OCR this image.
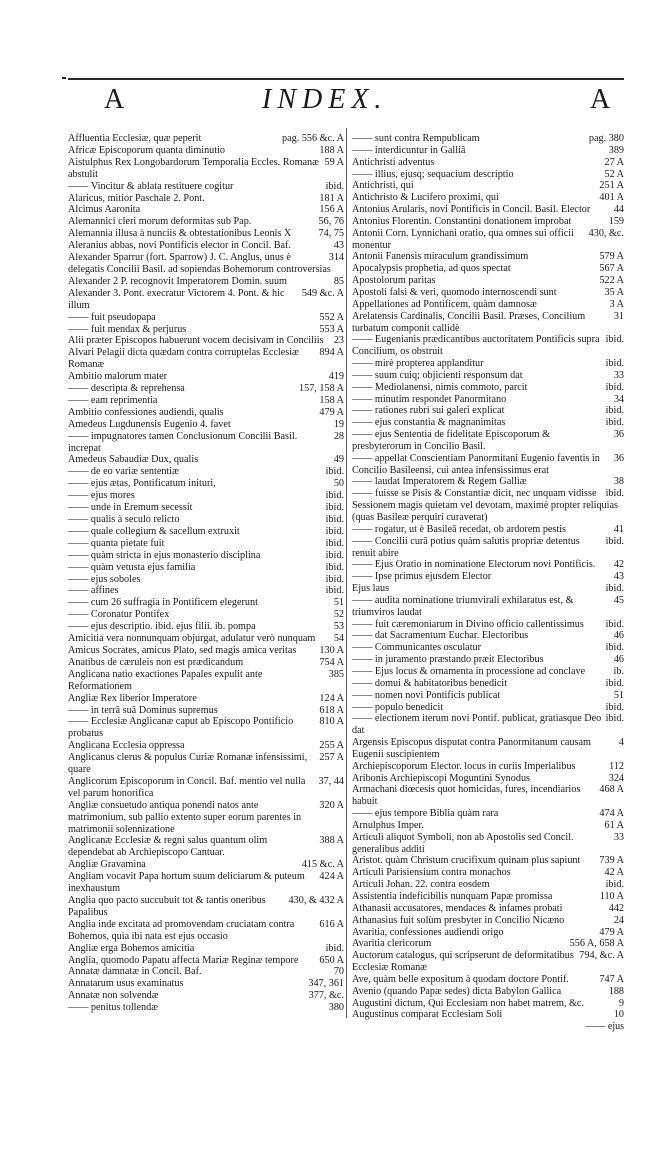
A	INDEX.	A
pag. 556 &c. A
Affluentia Ecclesiæ, quæ peperit
188 A
Africæ Episcoporum quanta diminutio
59 A
Aistulphus Rex Longobardorum Temporalia Eccles. Romanæ abstulit
ibid.
—— Vincitur & ablata restituere cogitur
181 A
Alaricus, mitior Paschale 2. Pont.
156 A
Alcimus Aaronita
56, 76
Alemannici cleri morum deformitas sub Pap.
74, 75
Alemannia illusa à nunciis & obtestationibus Leonis X
43
Aleranius abbas, novi Pontificis elector in Concil. Baf.
314
Alexander Sparrur (fort. Sparrow) J. C. Anglus, unus è delegatis Concilii Basil. ad sopiendas Bohemorum controversias
85
Alexander 2 P. recognovit Imperatorem Domin. suum
549 &c. A
Alexander 3. Pont. execratur Victorem 4. Pont. & hic illum
552 A
—— fuit pseudopapa
553 A
—— fuit mendax & perjurus
23
Alii præter Episcopos habuerunt vocem decisivam in Conciliis
894 A
Alvari Pelagii dicta quædam contra corruptelas Ecclesiæ Romanæ
419
Ambitio malorum mater
157, 158 A
—— descripta & reprehensa
158 A
—— eam reprimentia
479 A
Ambitio confessiones audiendi, qualis
19
Amedeus Lugdunensis Eugenio 4. favet
28
—— impugnatores tamen Conclusionum Concilii Basil. increpat
49
Amedeus Sabaudiæ Dux, qualis
ibid.
—— de eo variæ sententiæ
50
—— ejus ætas, Pontificatum inituri,
ibid.
—— ejus mores
ibid.
—— unde in Eremum secessit
ibid.
—— qualis à seculo relicto
ibid.
—— quale collegium & sacellum extruxit
ibid.
—— quanta pietate fuit
ibid.
—— quàm stricta in ejus monasterio disciplina
ibid.
—— quàm vetusta ejus familia
ibid.
—— ejus soboles
ibid.
—— affines
51
—— cum 26 suffragia in Pontificem elegerunt
52
—— Coronatur Pontifex
53
—— ejus descriptio. ibid. ejus filii. ib. pompa
54
Amicitia vera nonnunquam objurgat, adulatur verò nunquam
130 A
Amicus Socrates, amicus Plato, sed magis amica veritas
754 A
Anatibus de cæruleis non est prædicandum
385
Anglicana natio exactiones Papales expulit ante Reformationem
124 A
Angliæ Rex liberior Imperatore
618 A
—— in terrâ suâ Dominus supremus
810 A
—— Ecclesiæ Anglicanæ caput ab Episcopo Pontificio probatus
255 A
Anglicana Ecclesia oppressa
257 A
Anglicanus clerus & populus Curiæ Romanæ infensissimi, quare
37, 44
Anglicorum Episcoporum in Concil. Baf. mentio vel nulla vel parum honorifica
320 A
Angliæ consuetudo antiqua ponendi natos ante matrimonium, sub pallio extento super eorum parentes in matrimonii solennizatione
388 A
Anglicanæ Ecclesiæ & regni salus quantum olim dependebat ab Archiepiscopo Cantuar.
415 &c. A
Angliæ Gravamina
424 A
Angliam vocavit Papa hortum suum deliciarum & puteum inexhaustum
430, & 432 A
Anglia quo pacto succubuit tot & tantis oneribus Papalibus
616 A
Anglia inde excitata ad promovendam cruciatam contra Bohemos, quia ibi nata est ejus occasio
ibid.
Angliæ erga Bohemos amicitia
650 A
Anglia, quomodo Papatu affecta Mariæ Reginæ tempore
70
Annatæ damnatæ in Concil. Baf.
347, 361
Annatarum usus examinatus
377, &c.
Annatæ non solvendæ
380
—— penitus tollendæ
pag. 380
—— sunt contra Rempublicam
389
—— interdicuntur in Galliâ
27 A
Antichristi adventus
52 A
—— illius, ejusq; sequacium descriptio
251 A
Antichristi, qui
401 A
Antichristo & Lucifero proximi, qui
44
Antonius Arularis, novi Pontificis in Concil. Basil. Elector
159
Antonius Florentin. Constantini donationem improbat
430, &c.
Antonii Corn. Lynnichani oratio, qua omnes sui officii monentur
579 A
Antonii Fanensis miraculum grandissimum
567 A
Apocalypsis prophetia, ad quos spectat
522 A
Apostolorum paritas
35 A
Apostoli falsi & veri, quomodo internoscendi sunt
3 A
Appellationes ad Pontificem, quàm damnosæ
31
Arelatensis Cardinalis, Concilii Basil. Præses, Concilium turbatum componit callidè
ibid.
—— Eugenianis prædicantibus auctoritatem Pontificis supra Concilium, os obstruit
ibid.
—— mirè propterea applanditur
33
—— suum cuiq; objicienti responsum dat
ibid.
—— Mediolanensi, nimis commoto, parcit
34
—— minutim respondet Panormitano
ibid.
—— rationes rubri sui galeri explicat
ibid.
—— ejus constantia & magnanimitas
36
—— ejus Sententia de fidelitate Episcoporum & presbyterorum in Concilio Basil.
36
—— appellat Conscientiam Panormitani Eugenio faventis in Concilio Basileensi, cui antea infensissimus erat
38
—— laudat Imperatorem & Regem Galliæ
ibid.
—— fuisse se Pisis & Constantiæ dicit, nec unquam vidisse Sessionem magis quietam vel devotam, maximè propter reliquias (quas Basileæ perquiri curaverat)
41
—— rogatur, ut è Basileâ recedat, ob ardorem pestis
ibid.
—— Concilii curâ potius quàm salutis propriæ detentus renuit abire
42
—— Ejus Oratio in nominatione Electorum novi Pontificis.
43
—— Ipse primus ejusdem Elector
ibid.
Ejus laus
45
—— audita nominatione triumvirali exhilaratus est, & triumviros laudat
ibid.
—— fuit cæremoniarum in Divino officio callentissimus
46
—— dat Sacramentum Euchar. Electoribus
ibid.
—— Communicantes osculatur
46
—— in juramento præstando præit Electoribus
ib.
—— Ejus locus & ornamenta in processione ad conclave
ibid.
—— domui & habitatoribus benedicit
51
—— nomen novi Pontificis publicat
ibid.
—— populo benedicit
ibid.
—— electionem iterum novi Pontif. publicat, gratiasque Deo dat
4
Argensis Episcopus disputat contra Panormitanum causam Eugenii suscipientem
112
Archiepiscoporum Elector. locus in curiis Imperialibus
324
Aribonis Archiepiscopi Moguntini Synodus
468 A
Armachani diœcesis quot homicidas, fures, incendiarios habuit
474 A
—— ejus tempore Biblia quàm rara
61 A
Arnulphus Imper.
33
Articuli aliquot Symboli, non ab Apostolis sed Concil. generalibus additi
739 A
Aristot. quàm Christum crucifixum quinam plus sapiunt
42 A
Articuli Parisiensium contra monachos
ibid.
Articuli Johan. 22. contra eosdem
110 A
Assistentia indeficibilis nunquam Papæ promissa
442
Athanasii accusatores, mendaces & infames probati
24
Athanasius fuit solùm presbyter in Concilio Nicæno
479 A
Avaritia, confessiones audiendi origo
556 A, 658 A
Avaritia clericorum
794, &c. A
Auctorum catalogus, qui scripserunt de deformitatibus Ecclesiæ Romanæ
747 A
Ave, quàm belle expositum à quodam doctore Pontif.
188
Avenio (quando Papæ sedes) dicta Babylon Gallica
9
Augustini dictum, Qui Ecclesiam non habet matrem, &c.
10
Augustinus comparat Ecclesiam Soli
—— ejus
